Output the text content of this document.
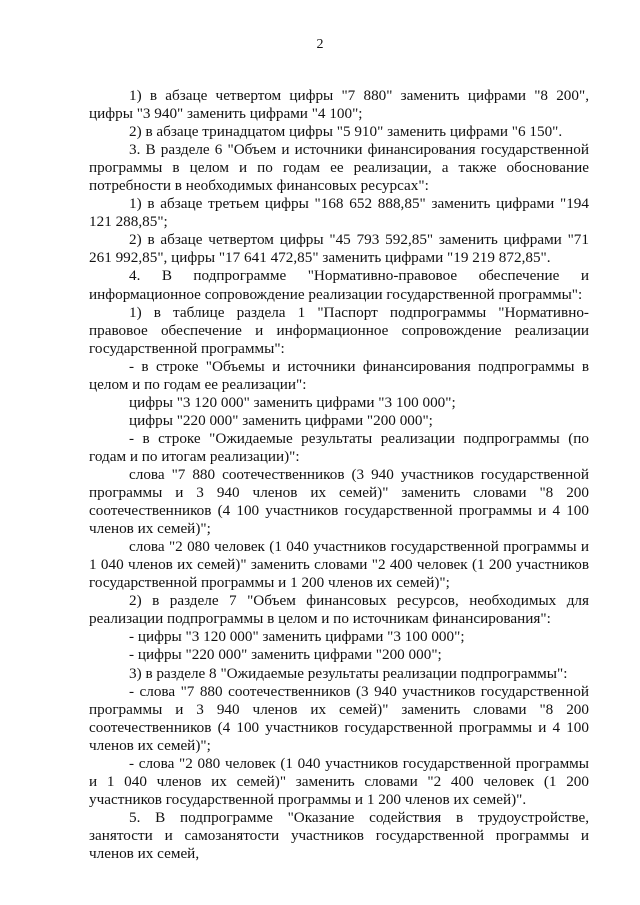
2

1) в абзаце четвертом цифры "7 880" заменить цифрами "8 200", цифры "3 940" заменить цифрами "4 100";

2) в абзаце тринадцатом цифры "5 910" заменить цифрами "6 150".

3. В разделе 6 "Объем и источники финансирования государственной программы в целом и по годам ее реализации, а также обоснование потребности в необходимых финансовых ресурсах":

1) в абзаце третьем цифры "168 652 888,85" заменить цифрами "194 121 288,85";

2) в абзаце четвертом цифры "45 793 592,85" заменить цифрами "71 261 992,85", цифры "17 641 472,85" заменить цифрами "19 219 872,85".

4. В подпрограмме "Нормативно-правовое обеспечение и информационное сопровождение реализации государственной программы":

1) в таблице раздела 1 "Паспорт подпрограммы "Нормативно-правовое обеспечение и информационное сопровождение реализации государственной программы":

- в строке "Объемы и источники финансирования подпрограммы в целом и по годам ее реализации":

цифры "3 120 000" заменить цифрами "3 100 000";

цифры "220 000" заменить цифрами "200 000";

- в строке "Ожидаемые результаты реализации подпрограммы (по годам и по итогам реализации)":

слова "7 880 соотечественников (3 940 участников государственной программы и 3 940 членов их семей)" заменить словами "8 200 соотечественников (4 100 участников государственной программы и 4 100 членов их семей)";

слова "2 080 человек (1 040 участников государственной программы и 1 040 членов их семей)" заменить словами "2 400 человек (1 200 участников государственной программы и 1 200 членов их семей)";

2) в разделе 7 "Объем финансовых ресурсов, необходимых для реализации подпрограммы в целом и по источникам финансирования":

- цифры "3 120 000" заменить цифрами "3 100 000";

- цифры "220 000" заменить цифрами "200 000";

3) в разделе 8 "Ожидаемые результаты реализации подпрограммы":

- слова "7 880 соотечественников (3 940 участников государственной программы и 3 940 членов их семей)" заменить словами "8 200 соотечественников (4 100 участников государственной программы и 4 100 членов их семей)";

- слова "2 080 человек (1 040 участников государственной программы и 1 040 членов их семей)" заменить словами "2 400 человек (1 200 участников государственной программы и 1 200 членов их семей)".

5. В подпрограмме "Оказание содействия в трудоустройстве, занятости и самозанятости участников государственной программы и членов их семей,
